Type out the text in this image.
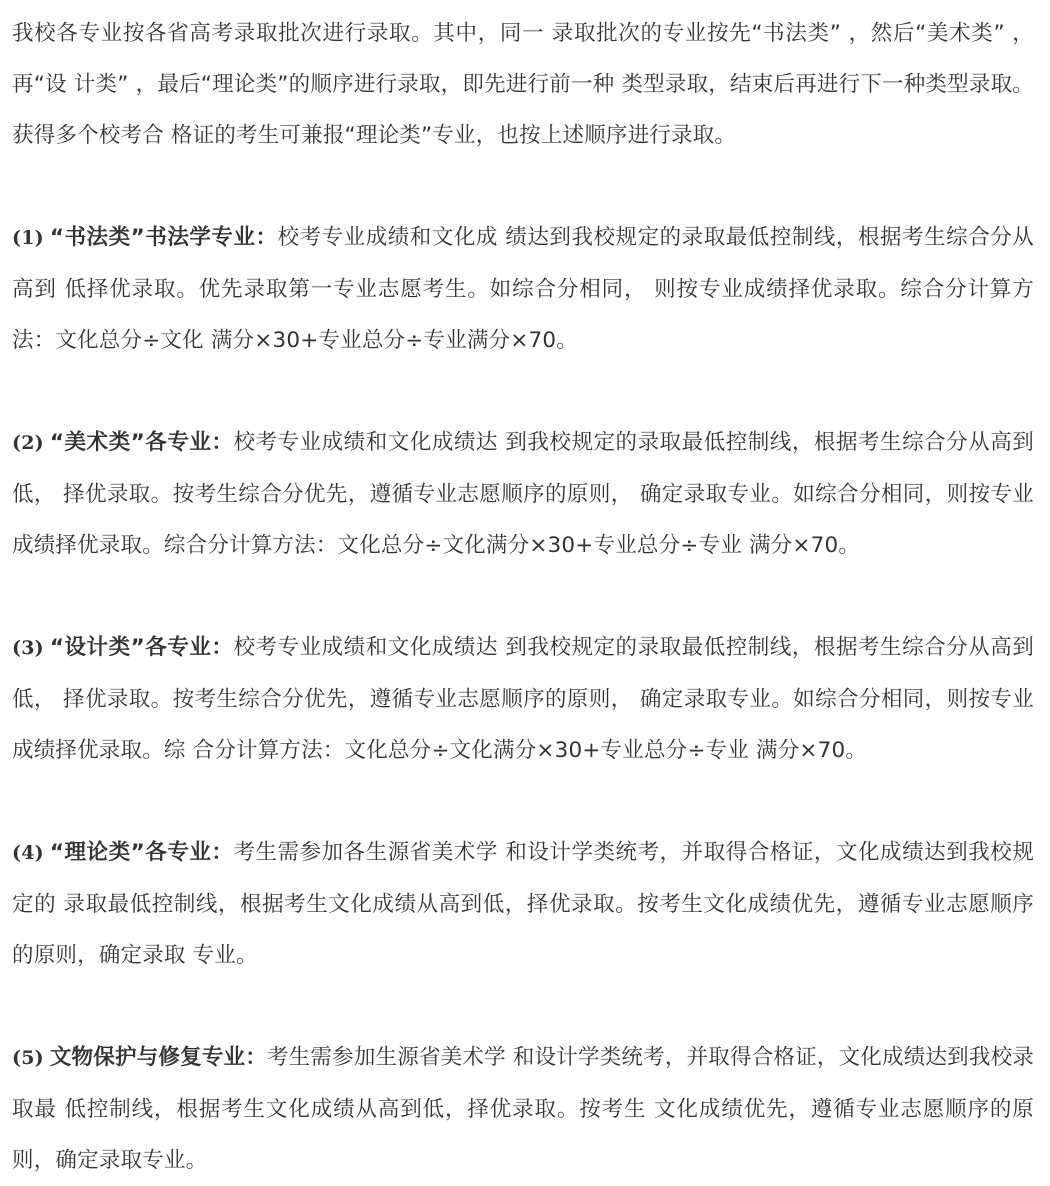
我校各专业按各省高考录取批次进行录取。其中，同一 录取批次的专业按先“书法类” ，然后“美术类” ，再“设 计类” ，最后“理论类”的顺序进行录取，即先进行前一种 类型录取，结束后再进行下一种类型录取。获得多个校考合 格证的考生可兼报“理论类”专业，也按上述顺序进行录取。

(1) “书法类”书法学专业：校考专业成绩和文化成 绩达到我校规定的录取最低控制线，根据考生综合分从高到 低择优录取。优先录取第一专业志愿考生。如综合分相同， 则按专业成绩择优录取。综合分计算方法：文化总分÷文化 满分×30+专业总分÷专业满分×70。

(2) “美术类”各专业：校考专业成绩和文化成绩达 到我校规定的录取最低控制线，根据考生综合分从高到低， 择优录取。按考生综合分优先，遵循专业志愿顺序的原则， 确定录取专业。如综合分相同，则按专业成绩择优录取。综合分计算方法：文化总分÷文化满分×30+专业总分÷专业 满分×70。

(3) “设计类”各专业：校考专业成绩和文化成绩达 到我校规定的录取最低控制线，根据考生综合分从高到低， 择优录取。按考生综合分优先，遵循专业志愿顺序的原则， 确定录取专业。如综合分相同，则按专业成绩择优录取。综 合分计算方法：文化总分÷文化满分×30+专业总分÷专业 满分×70。

(4) “理论类”各专业：考生需参加各生源省美术学 和设计学类统考，并取得合格证，文化成绩达到我校规定的 录取最低控制线，根据考生文化成绩从高到低，择优录取。按考生文化成绩优先，遵循专业志愿顺序的原则，确定录取 专业。

(5) 文物保护与修复专业：考生需参加生源省美术学 和设计学类统考，并取得合格证，文化成绩达到我校录取最 低控制线，根据考生文化成绩从高到低，择优录取。按考生 文化成绩优先，遵循专业志愿顺序的原则，确定录取专业。
